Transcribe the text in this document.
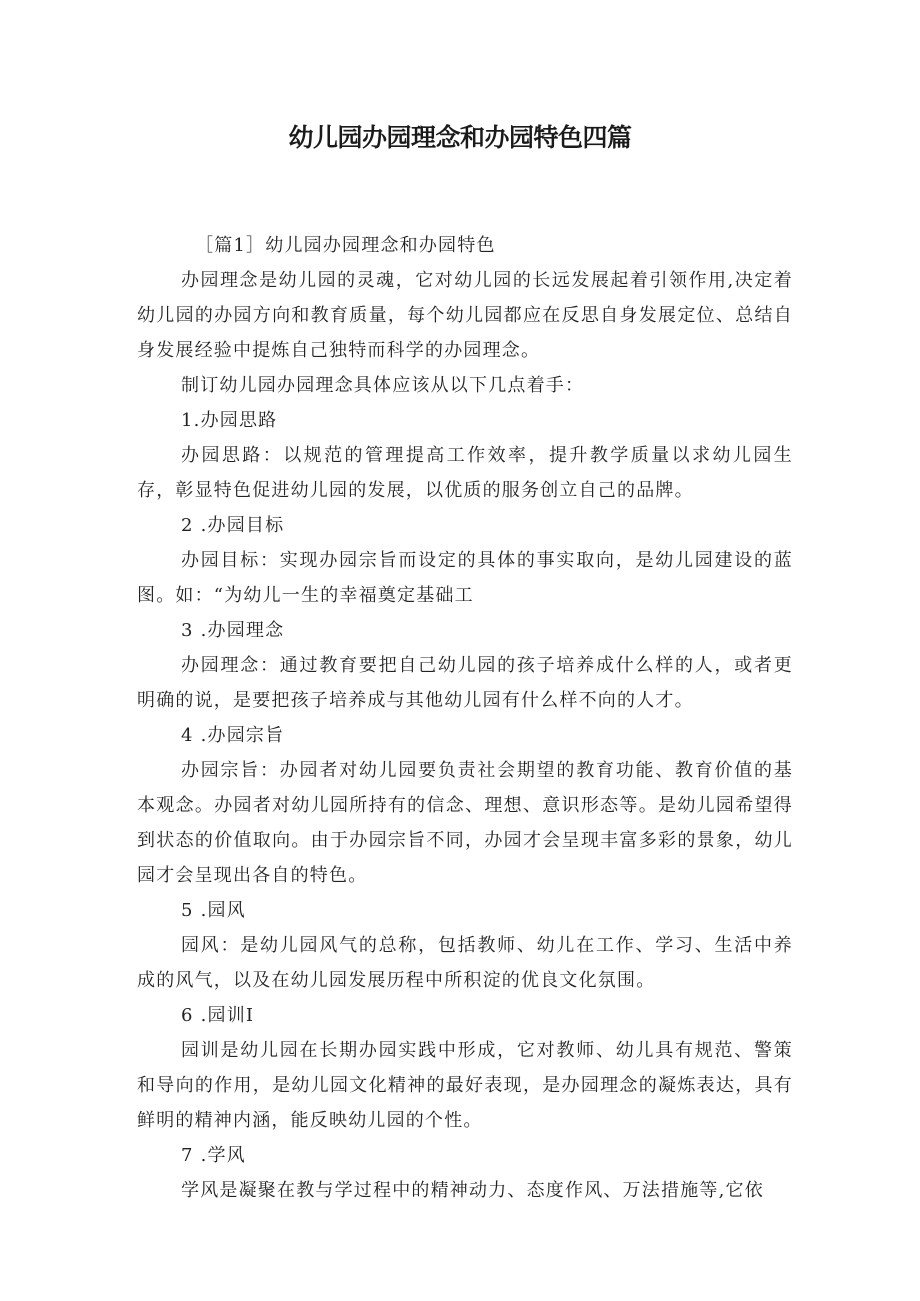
幼儿园办园理念和办园特色四篇

［篇1］幼儿园办园理念和办园特色

办园理念是幼儿园的灵魂，它对幼儿园的长远发展起着引领作用,决定着幼儿园的办园方向和教育质量，每个幼儿园都应在反思自身发展定位、总结自身发展经验中提炼自己独特而科学的办园理念。

制订幼儿园办园理念具体应该从以下几点着手：

1.办园思路

办园思路：以规范的管理提高工作效率，提升教学质量以求幼儿园生存，彰显特色促进幼儿园的发展，以优质的服务创立自己的品牌。

2 .办园目标

办园目标：实现办园宗旨而设定的具体的事实取向，是幼儿园建设的蓝图。如：“为幼儿一生的幸福奠定基础工

3 .办园理念

办园理念：通过教育要把自己幼儿园的孩子培养成什么样的人，或者更明确的说，是要把孩子培养成与其他幼儿园有什么样不向的人才。

4 .办园宗旨

办园宗旨：办园者对幼儿园要负责社会期望的教育功能、教育价值的基本观念。办园者对幼儿园所持有的信念、理想、意识形态等。是幼儿园希望得到状态的价值取向。由于办园宗旨不同，办园才会呈现丰富多彩的景象，幼儿园才会呈现出各自的特色。

5 .园风

园风：是幼儿园风气的总称，包括教师、幼儿在工作、学习、生活中养成的风气，以及在幼儿园发展历程中所积淀的优良文化氛围。

6 .园训I

园训是幼儿园在长期办园实践中形成，它对教师、幼儿具有规范、警策和导向的作用，是幼儿园文化精神的最好表现，是办园理念的凝炼表达，具有鲜明的精神内涵，能反映幼儿园的个性。

7 .学风

学风是凝聚在教与学过程中的精神动力、态度作风、万法措施等,它依
